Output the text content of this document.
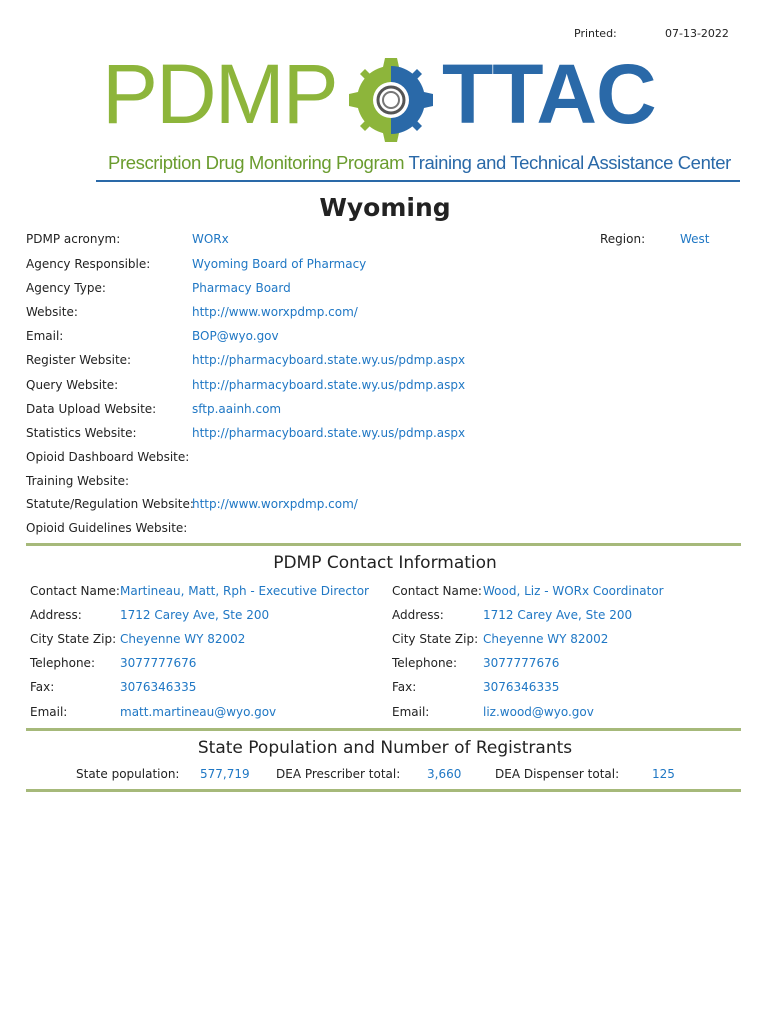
Printed:	07-13-2022
PDMP TTAC
Prescription Drug Monitoring Program Training and Technical Assistance Center
Wyoming
PDMP acronym:	WORx
Agency Responsible:	Wyoming Board of Pharmacy
Agency Type:	Pharmacy Board
Website:	http://www.worxpdmp.com/
Email:	BOP@wyo.gov
Register Website:	http://pharmacyboard.state.wy.us/pdmp.aspx
Query Website:	http://pharmacyboard.state.wy.us/pdmp.aspx
Data Upload Website:	sftp.aainh.com
Statistics Website:	http://pharmacyboard.state.wy.us/pdmp.aspx
Opioid Dashboard Website:
Training Website:
Statute/Regulation Website:
http://www.worxpdmp.com/
Opioid Guidelines Website:
Region:	West
PDMP Contact Information
Contact Name: Martineau, Matt, Rph - Executive Director Contact Name: Wood, Liz - WORx Coordinator
Address:	1712 Carey Ave, Ste 200	Address:	1712 Carey Ave, Ste 200
City State Zip: Cheyenne WY 82002	City State Zip: Cheyenne WY 82002
Telephone: 3077777676	Telephone: 3077777676
Fax:	3076346335	Fax:	3076346335
Email:	matt.martineau@wyo.gov	Email:	liz.wood@wyo.gov
State Population and Number of Registrants
State population: 577,719 DEA Prescriber total: 3,660	DEA Dispenser total:	125
